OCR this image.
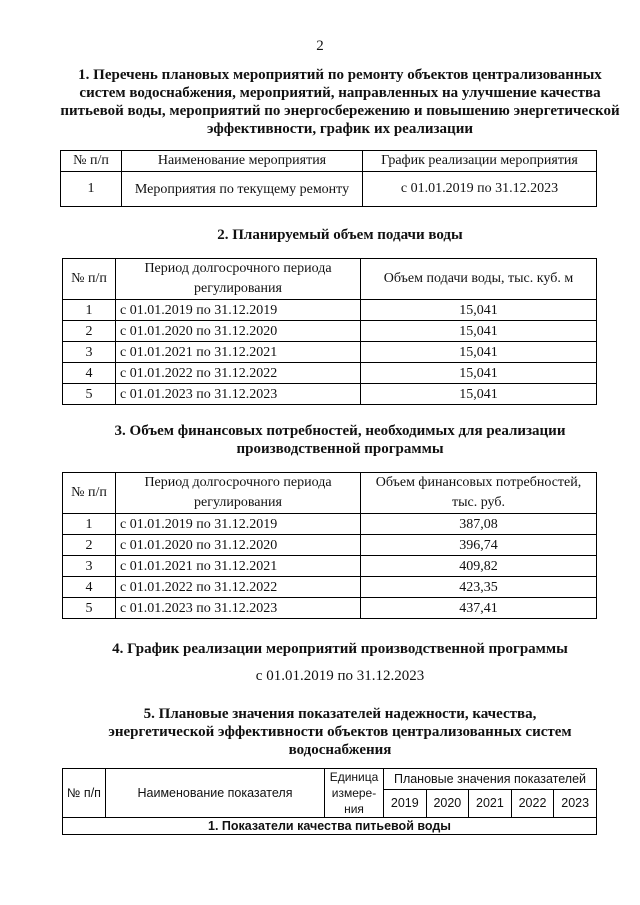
2
1. Перечень плановых мероприятий по ремонту объектов централизованных систем водоснабжения, мероприятий, направленных на улучшение качества питьевой воды, мероприятий по энергосбережению и повышению энергетической эффективности, график их реализации
№ п/п	Наименование мероприятия	График реализации мероприятия
1	Мероприятия по текущему ремонту	с 01.01.2019 по 31.12.2023
2. Планируемый объем подачи воды
№ п/п	Период долгосрочного периода регулирования	Объем подачи воды, тыс. куб. м
1	с 01.01.2019 по 31.12.2019	15,041
2	с 01.01.2020 по 31.12.2020	15,041
3	с 01.01.2021 по 31.12.2021	15,041
4	с 01.01.2022 по 31.12.2022	15,041
5	с 01.01.2023 по 31.12.2023	15,041
3. Объем финансовых потребностей, необходимых для реализации производственной программы
№ п/п	Период долгосрочного периода регулирования	Объем финансовых потребностей, тыс. руб.
1	с 01.01.2019 по 31.12.2019	387,08
2	с 01.01.2020 по 31.12.2020	396,74
3	с 01.01.2021 по 31.12.2021	409,82
4	с 01.01.2022 по 31.12.2022	423,35
5	с 01.01.2023 по 31.12.2023	437,41
4. График реализации мероприятий производственной программы
с 01.01.2019 по 31.12.2023
5. Плановые значения показателей надежности, качества, энергетической эффективности объектов централизованных систем водоснабжения
№ п/п	Наименование показателя	Единица измере-ния	Плановые значения показателей				
			2019	2020	2021	2022	2023
1. Показатели качества питьевой воды							
